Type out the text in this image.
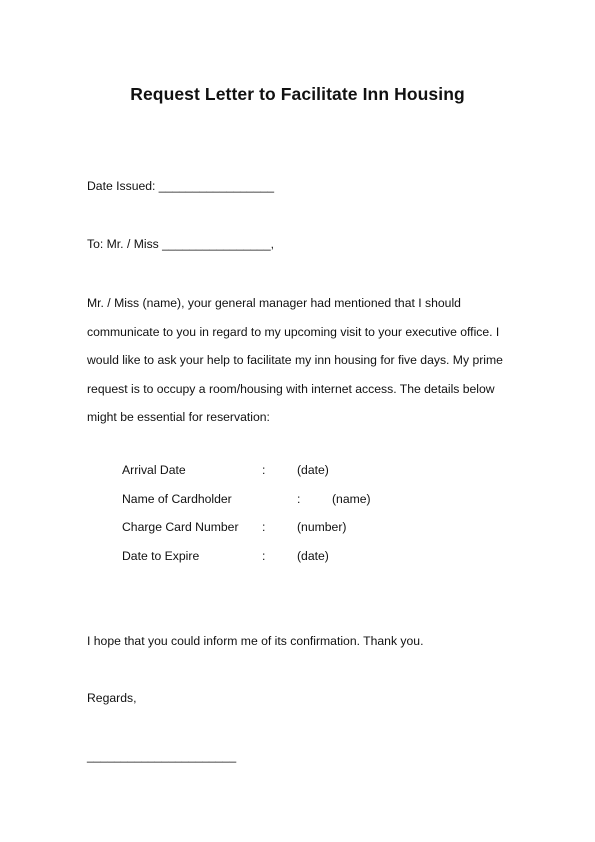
Request Letter to Facilitate Inn Housing
Date Issued: _________________
To: Mr. / Miss ________________,

Mr. / Miss (name), your general manager had mentioned that I should

communicate to you in regard to my upcoming visit to your executive office. I

would like to ask your help to facilitate my inn housing for five days. My prime

request is to occupy a room/housing with internet access. The details below

might be essential for reservation:

Arrival Date	:	(date)
Name of Cardholder	:	(name)
Charge Card Number :	(number)
Date to Expire	:	(date)
I hope that you could inform me of its confirmation. Thank you.
Regards,
______________________
